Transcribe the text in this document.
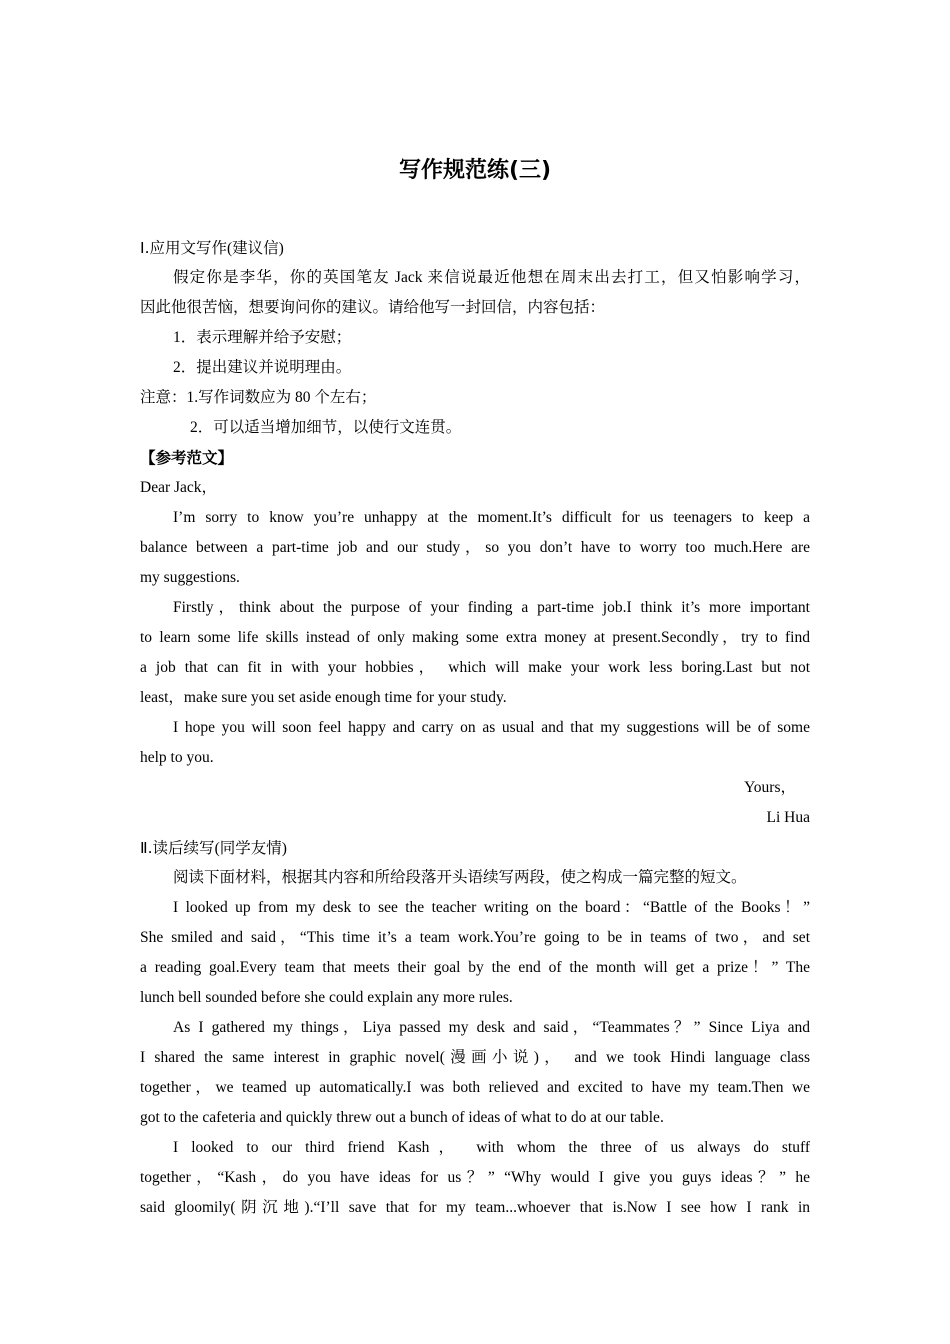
写作规范练(三)
Ⅰ.应用文写作(建议信)
假定你是李华，你的英国笔友 Jack 来信说最近他想在周末出去打工，但又怕影响学习，
因此他很苦恼，想要询问你的建议。请给他写一封回信，内容包括：
1．表示理解并给予安慰；
2．提出建议并说明理由。
注意：1.写作词数应为 80 个左右；
2．可以适当增加细节，以使行文连贯。
【参考范文】
Dear Jack，
I’m sorry to know you’re unhappy at the moment.It’s difficult for us teenagers to keep a
balance between a part-time job and our study，so you don’t have to worry too much.Here are
my suggestions.
Firstly，think about the purpose of your finding a part-time job.I think it’s more important
to learn some life skills instead of only making some extra money at present.Secondly，try to find
a job that can fit in with your hobbies， which will make your work less boring.Last but not
least，make sure you set aside enough time for your study.
I hope you will soon feel happy and carry on as usual and that my suggestions will be of some
help to you.
Yours，
Li Hua
Ⅱ.读后续写(同学友情)
阅读下面材料，根据其内容和所给段落开头语续写两段，使之构成一篇完整的短文。
I looked up from my desk to see the teacher writing on the board：“Battle of the Books！”
She smiled and said，“This time it’s a team work.You’re going to be in teams of two，and set
a reading goal.Every team that meets their goal by the end of the month will get a prize！” The
lunch bell sounded before she could explain any more rules.
As I gathered my things，Liya passed my desk and said，“Teammates？” Since Liya and
I shared the same interest in graphic novel(漫画小说)， and we took Hindi language class
together，we teamed up automatically.I was both relieved and excited to have my team.Then we
got to the cafeteria and quickly threw out a bunch of ideas of what to do at our table.
I looked to our third friend Kash， with whom the three of us always do stuff
together，“Kash，do you have ideas for us？” “Why would I give you guys ideas？” he
said gloomily(阴沉地).“I’ll save that for my team...whoever that is.Now I see how I rank in
